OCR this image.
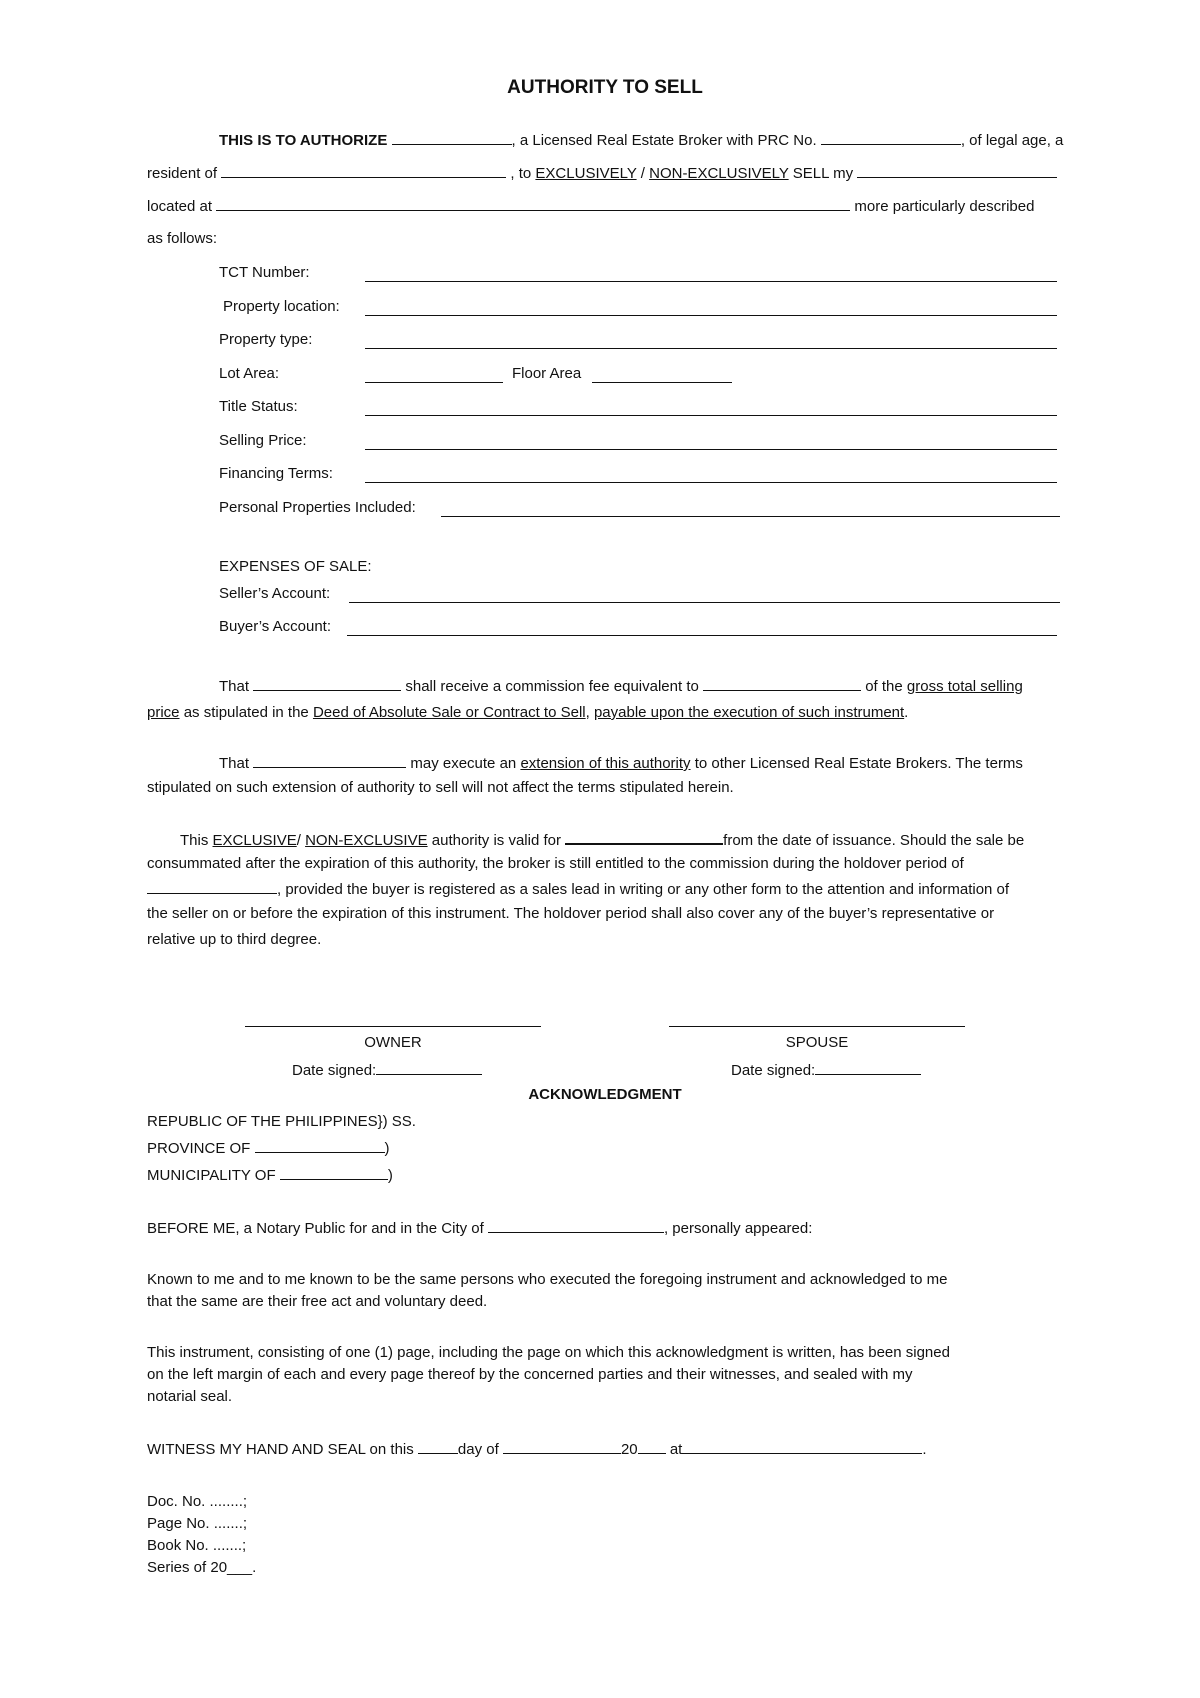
AUTHORITY TO SELL
THIS IS TO AUTHORIZE	, a Licensed Real Estate Broker with PRC No.	, of legal age, a
resident of	, to EXCLUSIVELY / NON-EXCLUSIVELY SELL my
located at	more particularly described
as follows:
TCT Number:
Property location:
Property type:
Lot Area:	Floor Area
Title Status:
Selling Price:
Financing Terms:
Personal Properties Included:
EXPENSES OF SALE:
Seller’s Account:
Buyer’s Account:
That	shall receive a commission fee equivalent to	of the gross total selling
price as stipulated in the Deed of Absolute Sale or Contract to Sell, payable upon the execution of such instrument.
That	may execute an extension of this authority to other Licensed Real Estate Brokers. The terms
stipulated on such extension of authority to sell will not affect the terms stipulated herein.
This EXCLUSIVE/ NON-EXCLUSIVE authority is valid for	from the date of issuance. Should the sale be
consummated after the expiration of this authority, the broker is still entitled to the commission during the holdover period of
, provided the buyer is registered as a sales lead in writing or any other form to the attention and information of
the seller on or before the expiration of this instrument. The holdover period shall also cover any of the buyer’s representative or
relative up to third degree.
OWNER	SPOUSE
Date signed:	Date signed:
ACKNOWLEDGMENT
REPUBLIC OF THE PHILIPPINES}) SS.
PROVINCE OF	)
MUNICIPALITY OF	)
BEFORE ME, a Notary Public for and in the City of	, personally appeared:
Known to me and to me known to be the same persons who executed the foregoing instrument and acknowledged to me
that the same are their free act and voluntary deed.
This instrument, consisting of one (1) page, including the page on which this acknowledgment is written, has been signed
on the left margin of each and every page thereof by the concerned parties and their witnesses, and sealed with my
notarial seal.
WITNESS MY HAND AND SEAL on this	day of	20 at	.
Doc. No. ........;
Page No. .......;
Book No. .......;
Series of 20___.
